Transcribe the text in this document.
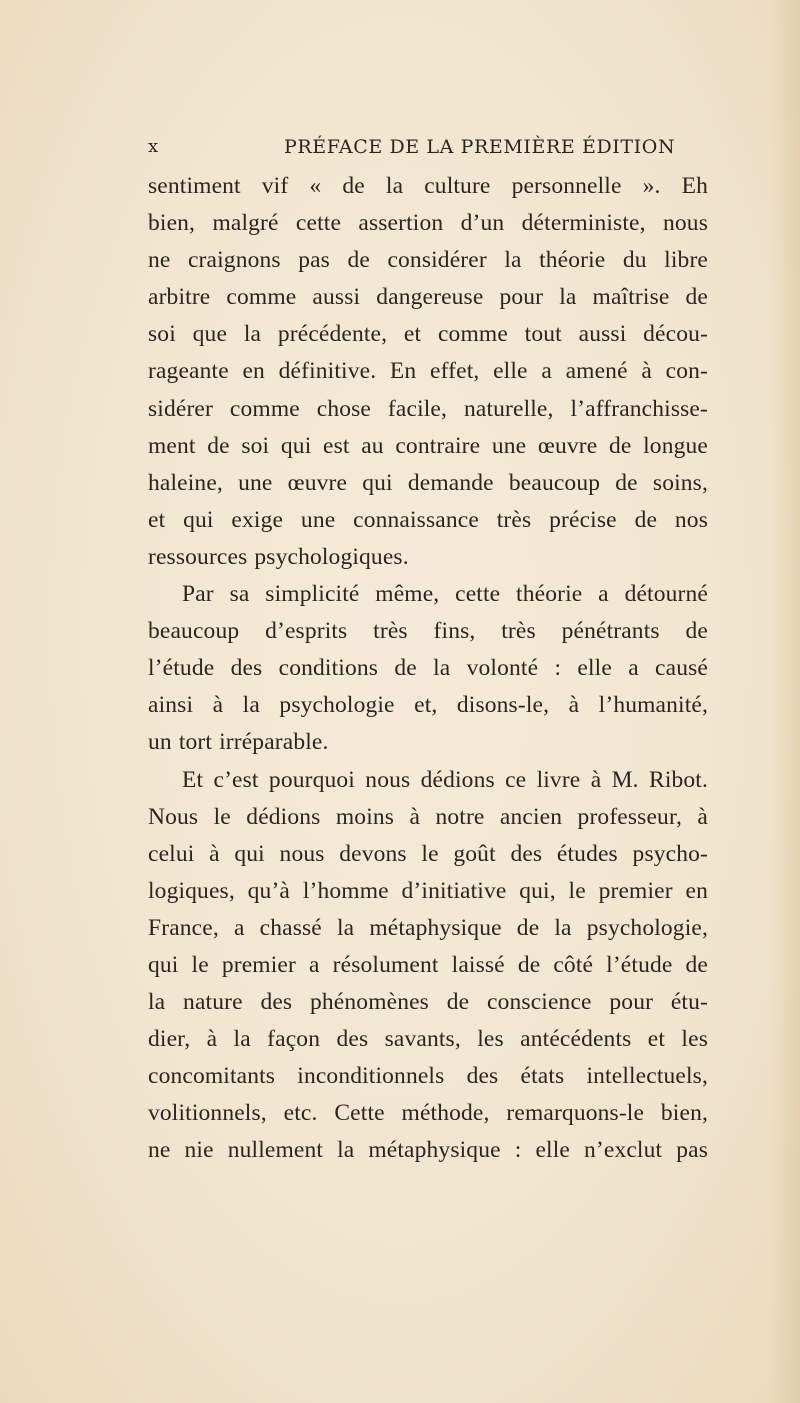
x	PRÉFACE DE LA PREMIÈRE ÉDITION
sentiment vif « de la culture personnelle ». Eh
bien, malgré cette assertion d’un déterministe, nous
ne craignons pas de considérer la théorie du libre
arbitre comme aussi dangereuse pour la maîtrise de
soi que la précédente, et comme tout aussi décou-
rageante en définitive. En effet, elle a amené à con-
sidérer comme chose facile, naturelle, l’affranchisse-
ment de soi qui est au contraire une œuvre de longue
haleine, une œuvre qui demande beaucoup de soins,
et qui exige une connaissance très précise de nos
ressources psychologiques.
Par sa simplicité même, cette théorie a détourné
beaucoup d’esprits très fins, très pénétrants de
l’étude des conditions de la volonté : elle a causé
ainsi à la psychologie et, disons-le, à l’humanité,
un tort irréparable.
Et c’est pourquoi nous dédions ce livre à M. Ribot.
Nous le dédions moins à notre ancien professeur, à
celui à qui nous devons le goût des études psycho-
logiques, qu’à l’homme d’initiative qui, le premier en
France, a chassé la métaphysique de la psychologie,
qui le premier a résolument laissé de côté l’étude de
la nature des phénomènes de conscience pour étu-
dier, à la façon des savants, les antécédents et les
concomitants inconditionnels des états intellectuels,
volitionnels, etc. Cette méthode, remarquons-le bien,
ne nie nullement la métaphysique : elle n’exclut pas
